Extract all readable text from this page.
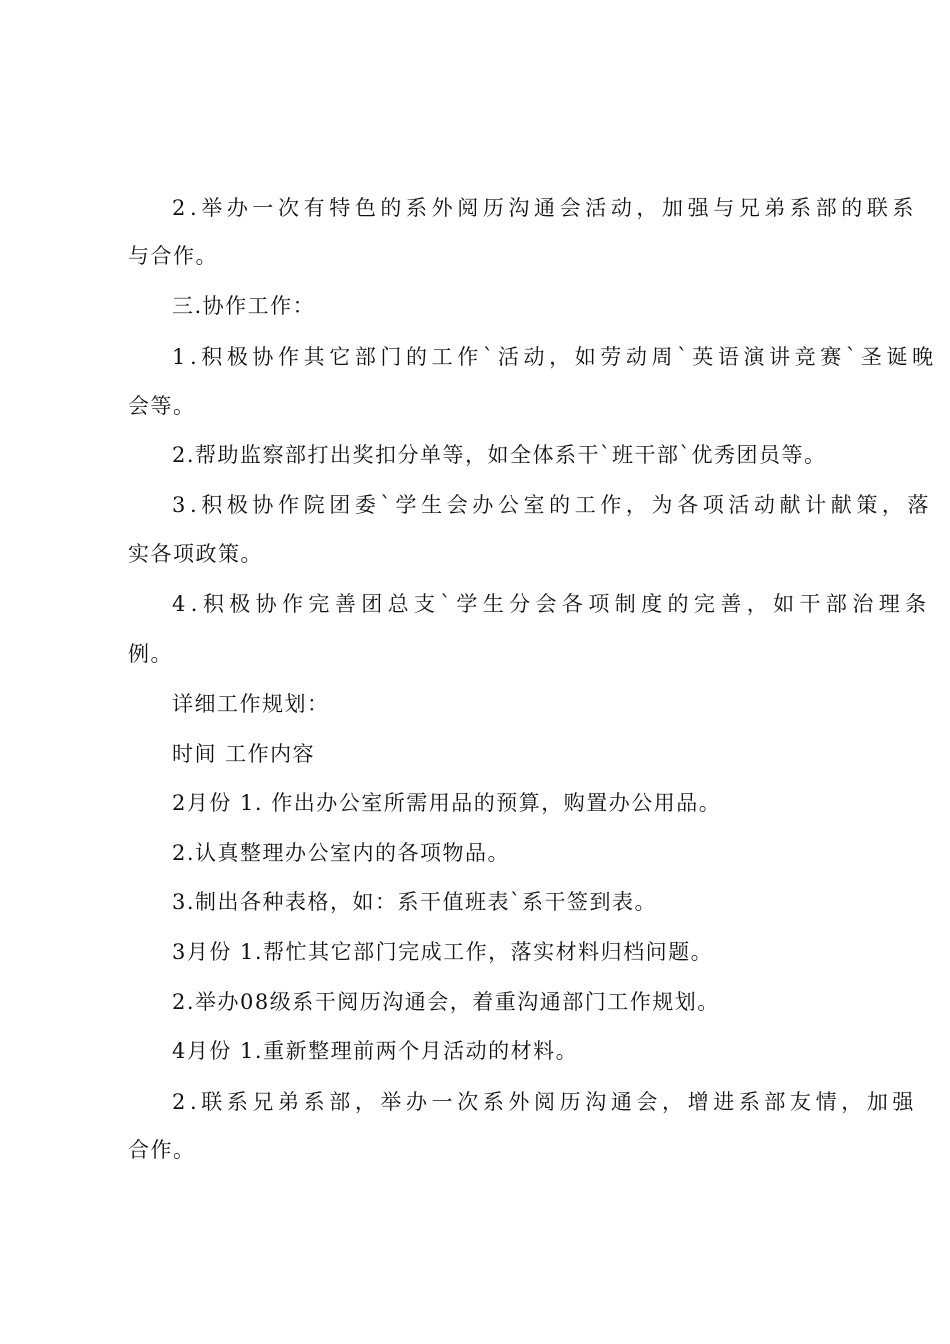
2.举办一次有特色的系外阅历沟通会活动，加强与兄弟系部的联系
与合作。
三.协作工作：
1.积极协作其它部门的工作`活动，如劳动周`英语演讲竞赛`圣诞晚
会等。
2.帮助监察部打出奖扣分单等，如全体系干`班干部`优秀团员等。
3.积极协作院团委`学生会办公室的工作，为各项活动献计献策，落
实各项政策。
4.积极协作完善团总支`学生分会各项制度的完善，如干部治理条
例。
详细工作规划：
时间 工作内容
2月份 1. 作出办公室所需用品的预算，购置办公用品。
2.认真整理办公室内的各项物品。
3.制出各种表格，如：系干值班表`系干签到表。
3月份 1.帮忙其它部门完成工作，落实材料归档问题。
2.举办08级系干阅历沟通会，着重沟通部门工作规划。
4月份 1.重新整理前两个月活动的材料。
2.联系兄弟系部，举办一次系外阅历沟通会，增进系部友情，加强
合作。
